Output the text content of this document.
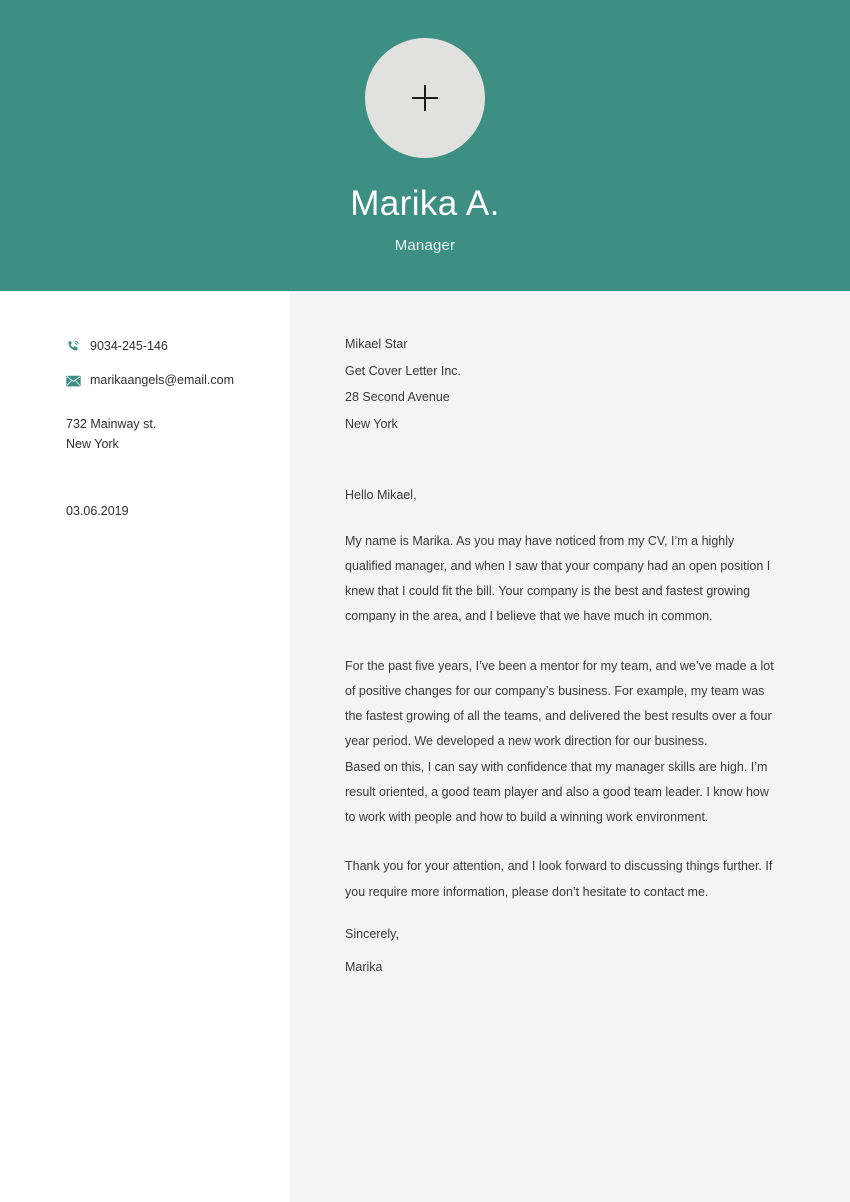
Marika A.
Manager
9034-245-146
marikaangels@email.com
732 Mainway st.
New York
03.06.2019
Mikael Star
Get Cover Letter Inc.
28 Second Avenue
New York
Hello Mikael,

My name is Marika. As you may have noticed from my CV, I’m a highly qualified manager, and when I saw that your company had an open position I knew that I could fit the bill. Your company is the best and fastest growing company in the area, and I believe that we have much in common.

For the past five years, I’ve been a mentor for my team, and we’ve made a lot of positive changes for our company’s business. For example, my team was the fastest growing of all the teams, and delivered the best results over a four year period. We developed a new work direction for our business.

Based on this, I can say with confidence that my manager skills are high. I’m result oriented, a good team player and also a good team leader. I know how to work with people and how to build a winning work environment.

Thank you for your attention, and I look forward to discussing things further. If you require more information, please don’t hesitate to contact me.

Sincerely,
Marika
